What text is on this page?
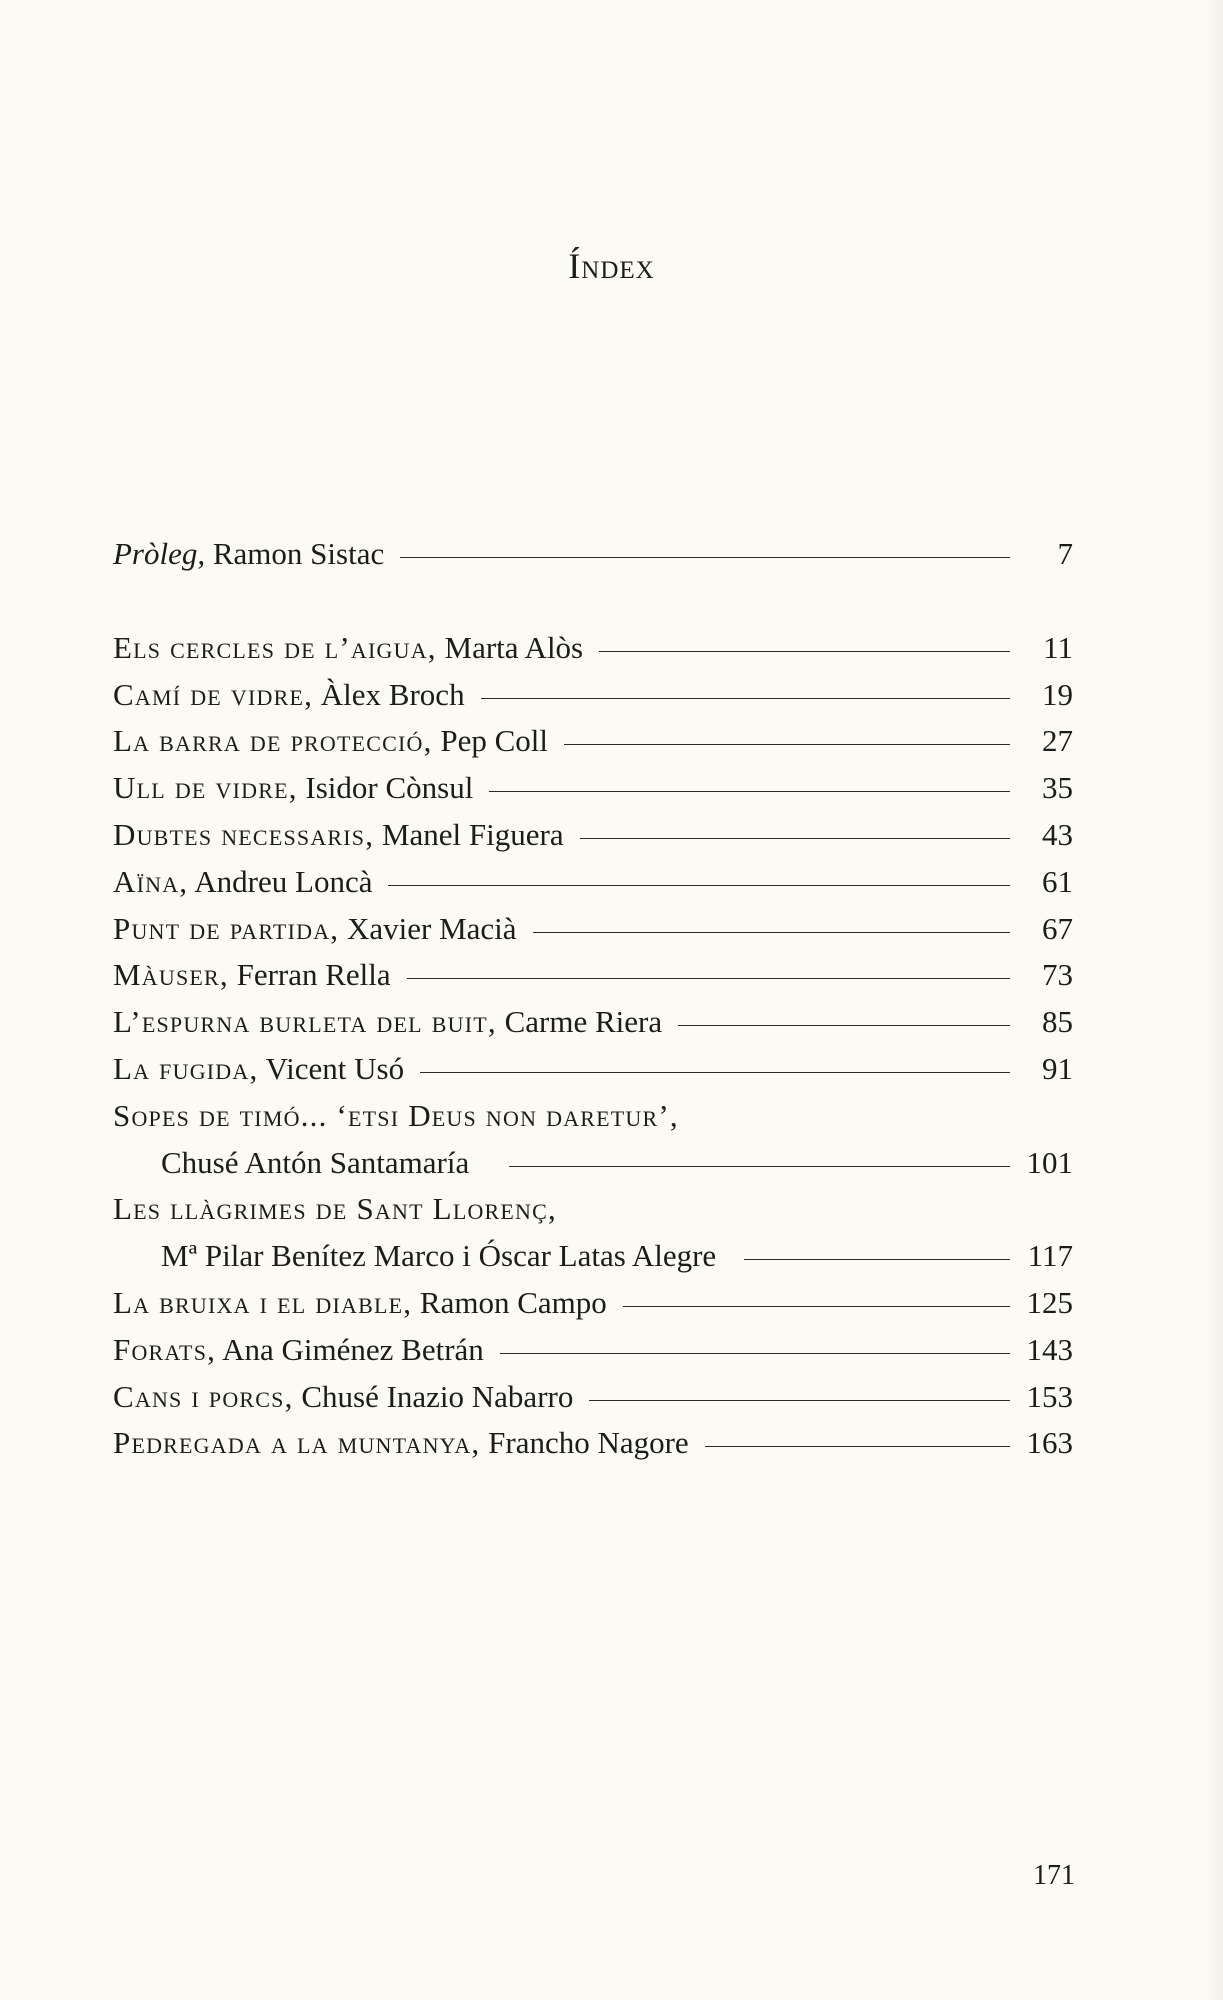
Índex
Pròleg, Ramon Sistac	7
Els cercles de l’aigua, Marta Alòs	11
Camí de vidre, Àlex Broch	19
La barra de protecció, Pep Coll	27
Ull de vidre, Isidor Cònsul	35
Dubtes necessaris, Manel Figuera	43
Aïna, Andreu Loncà	61
Punt de partida, Xavier Macià	67
Màuser, Ferran Rella	73
L’espurna burleta del buit, Carme Riera	85
La fugida, Vicent Usó	91
Sopes de timó... ‘etsi Deus non daretur’,
Chusé Antón Santamaría	101
Les llàgrimes de Sant Llorenç,
Mª Pilar Benítez Marco i Óscar Latas Alegre	117
La bruixa i el diable, Ramon Campo	125
Forats, Ana Giménez Betrán	143
Cans i porcs, Chusé Inazio Nabarro	153
Pedregada a la muntanya, Francho Nagore	163
171
